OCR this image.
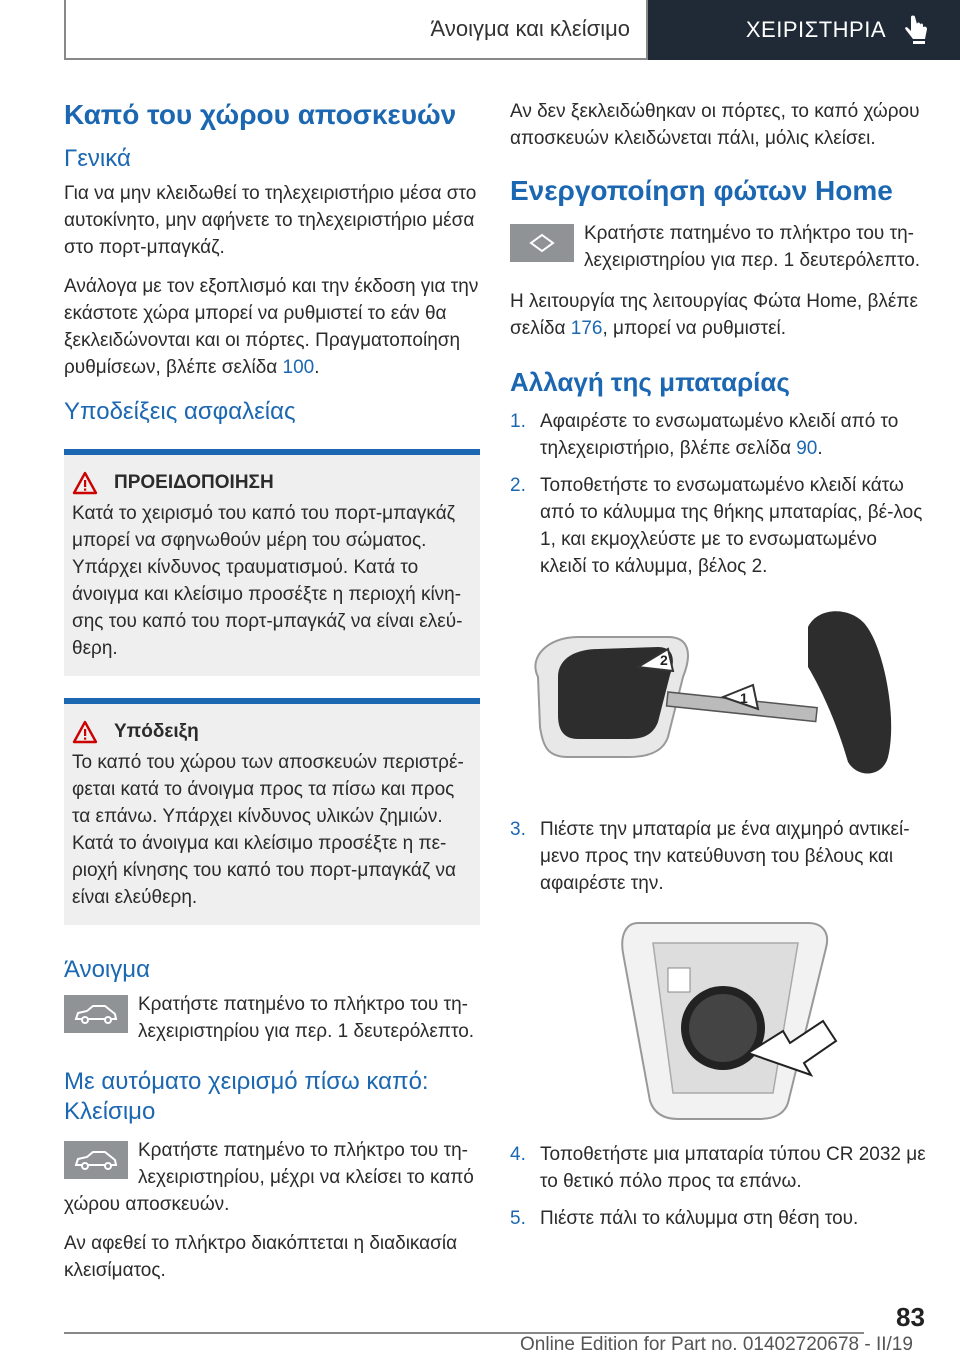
Άνοιγμα και κλείσιμο	ΧΕΙΡΙΣΤΗΡΙΑ
Καπό του χώρου αποσκευών
Γενικά

Για να μην κλειδωθεί το τηλεχειριστήριο μέσα στο αυτοκίνητο, μην αφήνετε το τηλεχειριστήριο μέσα στο πορτ-μπαγκάζ.

Ανάλογα με τον εξοπλισμό και την έκδοση για την εκάστοτε χώρα μπορεί να ρυθμιστεί το εάν θα ξεκλειδώνονται και οι πόρτες. Πραγματοποίηση ρυθμίσεων, βλέπε σελίδα 100.

Υποδείξεις ασφαλείας
ΠΡΟΕΙΔΟΠΟΙΗΣΗ
Κατά το χειρισμό του καπό του πορτ-μπαγκάζ μπορεί να σφηνωθούν μέρη του σώματος. Υπάρχει κίνδυνος τραυματισμού. Κατά το άνοιγμα και κλείσιμο προσέξτε η περιοχή κίνη-σης του καπό του πορτ-μπαγκάζ να είναι ελεύ-θερη.
Υπόδειξη
Το καπό του χώρου των αποσκευών περιστρέ-φεται κατά το άνοιγμα προς τα πίσω και προς τα επάνω. Υπάρχει κίνδυνος υλικών ζημιών. Κατά το άνοιγμα και κλείσιμο προσέξτε η πε-ριοχή κίνησης του καπό του πορτ-μπαγκάζ να είναι ελεύθερη.
Άνοιγμα
Κρατήστε πατημένο το πλήκτρο του τη-λεχειριστηρίου για περ. 1 δευτερόλεπτο.
Με αυτόματο χειρισμό πίσω καπό: Κλείσιμο
Κρατήστε πατημένο το πλήκτρο του τη-λεχειριστηρίου, μέχρι να κλείσει το καπό χώρου αποσκευών.

Αν αφεθεί το πλήκτρο διακόπτεται η διαδικασία κλεισίματος.

Αν δεν ξεκλειδώθηκαν οι πόρτες, το καπό χώρου αποσκευών κλειδώνεται πάλι, μόλις κλείσει.

Ενεργοποίηση φώτων Home
Κρατήστε πατημένο το πλήκτρο του τη-λεχειριστηρίου για περ. 1 δευτερόλεπτο.

Η λειτουργία της λειτουργίας Φώτα Home, βλέπε σελίδα 176, μπορεί να ρυθμιστεί.

Αλλαγή της μπαταρίας
1. Αφαιρέστε το ενσωματωμένο κλειδί από το τηλεχειριστήριο, βλέπε σελίδα 90.
2. Τοποθετήστε το ενσωματωμένο κλειδί κάτω από το κάλυμμα της θήκης μπαταρίας, βέ-λος 1, και εκμοχλεύστε με το ενσωματωμένο κλειδί το κάλυμμα, βέλος 2.
2
1
3. Πιέστε την μπαταρία με ένα αιχμηρό αντικεί-μενο προς την κατεύθυνση του βέλους και αφαιρέστε την.
4. Τοποθετήστε μια μπαταρία τύπου CR 2032 με το θετικό πόλο προς τα επάνω.
5. Πιέστε πάλι το κάλυμμα στη θέση του.
83
Online Edition for Part no. 01402720678 - II/19
